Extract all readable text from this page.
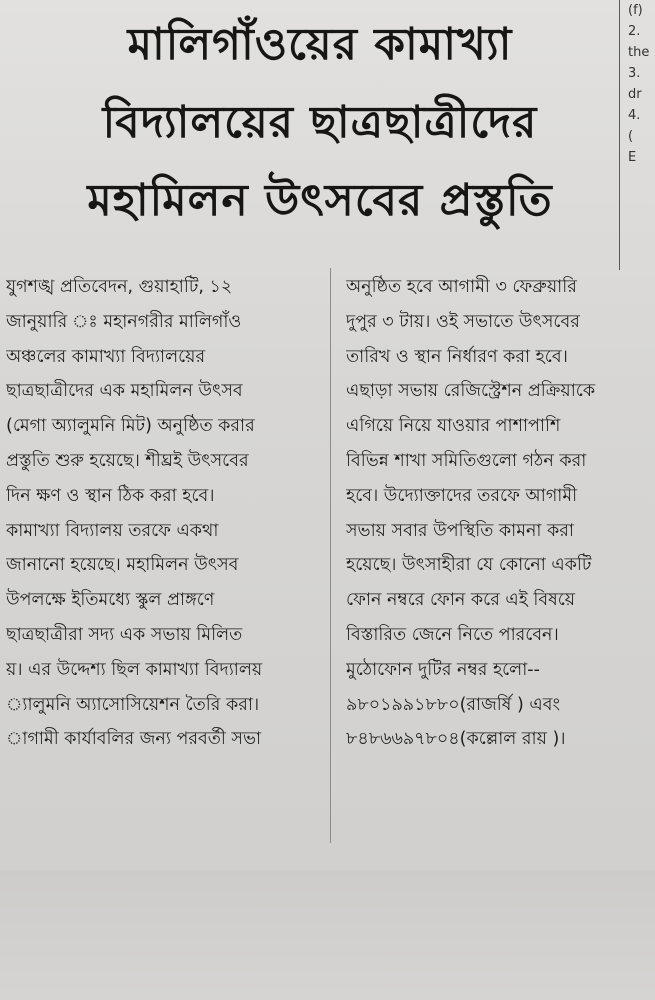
মালিগাঁওয়ের কামাখ্যা
বিদ্যালয়ের ছাত্রছাত্রীদের
মহামিলন উৎসবের প্রস্তুতি
(f)
2.
the
3.
dr
4.
(
E
যুগশঙ্খ প্রতিবেদন, গুয়াহাটি, ১২
জানুয়ারি ঃ মহানগরীর মালিগাঁও
অঞ্চলের কামাখ্যা বিদ্যালয়ের
ছাত্রছাত্রীদের এক মহামিলন উৎসব
(মেগা অ্যালুমনি মিট) অনুষ্ঠিত করার
প্রস্তুতি শুরু হয়েছে। শীঘ্রই উৎসবের
দিন ক্ষণ ও স্থান ঠিক করা হবে।
কামাখ্যা বিদ্যালয় তরফে একথা
জানানো হয়েছে। মহামিলন উৎসব
উপলক্ষে ইতিমধ্যে স্কুল প্রাঙ্গণে
ছাত্রছাত্রীরা সদ্য এক সভায় মিলিত
য়। এর উদ্দেশ্য ছিল কামাখ্যা বিদ্যালয়
্যালুমনি অ্যাসোসিয়েশন তৈরি করা।
াগামী কার্যাবলির জন্য পরবর্তী সভা
অনুষ্ঠিত হবে আগামী ৩ ফেব্রুয়ারি
দুপুর ৩ টায়। ওই সভাতে উৎসবের
তারিখ ও স্থান নির্ধারণ করা হবে।
এছাড়া সভায় রেজিস্ট্রেশন প্রক্রিয়াকে
এগিয়ে নিয়ে যাওয়ার পাশাপাশি
বিভিন্ন শাখা সমিতিগুলো গঠন করা
হবে। উদ্যোক্তাদের তরফে আগামী
সভায় সবার উপস্থিতি কামনা করা
হয়েছে। উৎসাহীরা যে কোনো একটি
ফোন নম্বরে ফোন করে এই বিষয়ে
বিস্তারিত জেনে নিতে পারবেন।
মুঠোফোন দুটির নম্বর হলো--
৯৮০১৯৯১৮৮০(রাজর্ষি ) এবং
৮৪৮৬৬৯৭৮০৪(কল্লোল রায় )।
